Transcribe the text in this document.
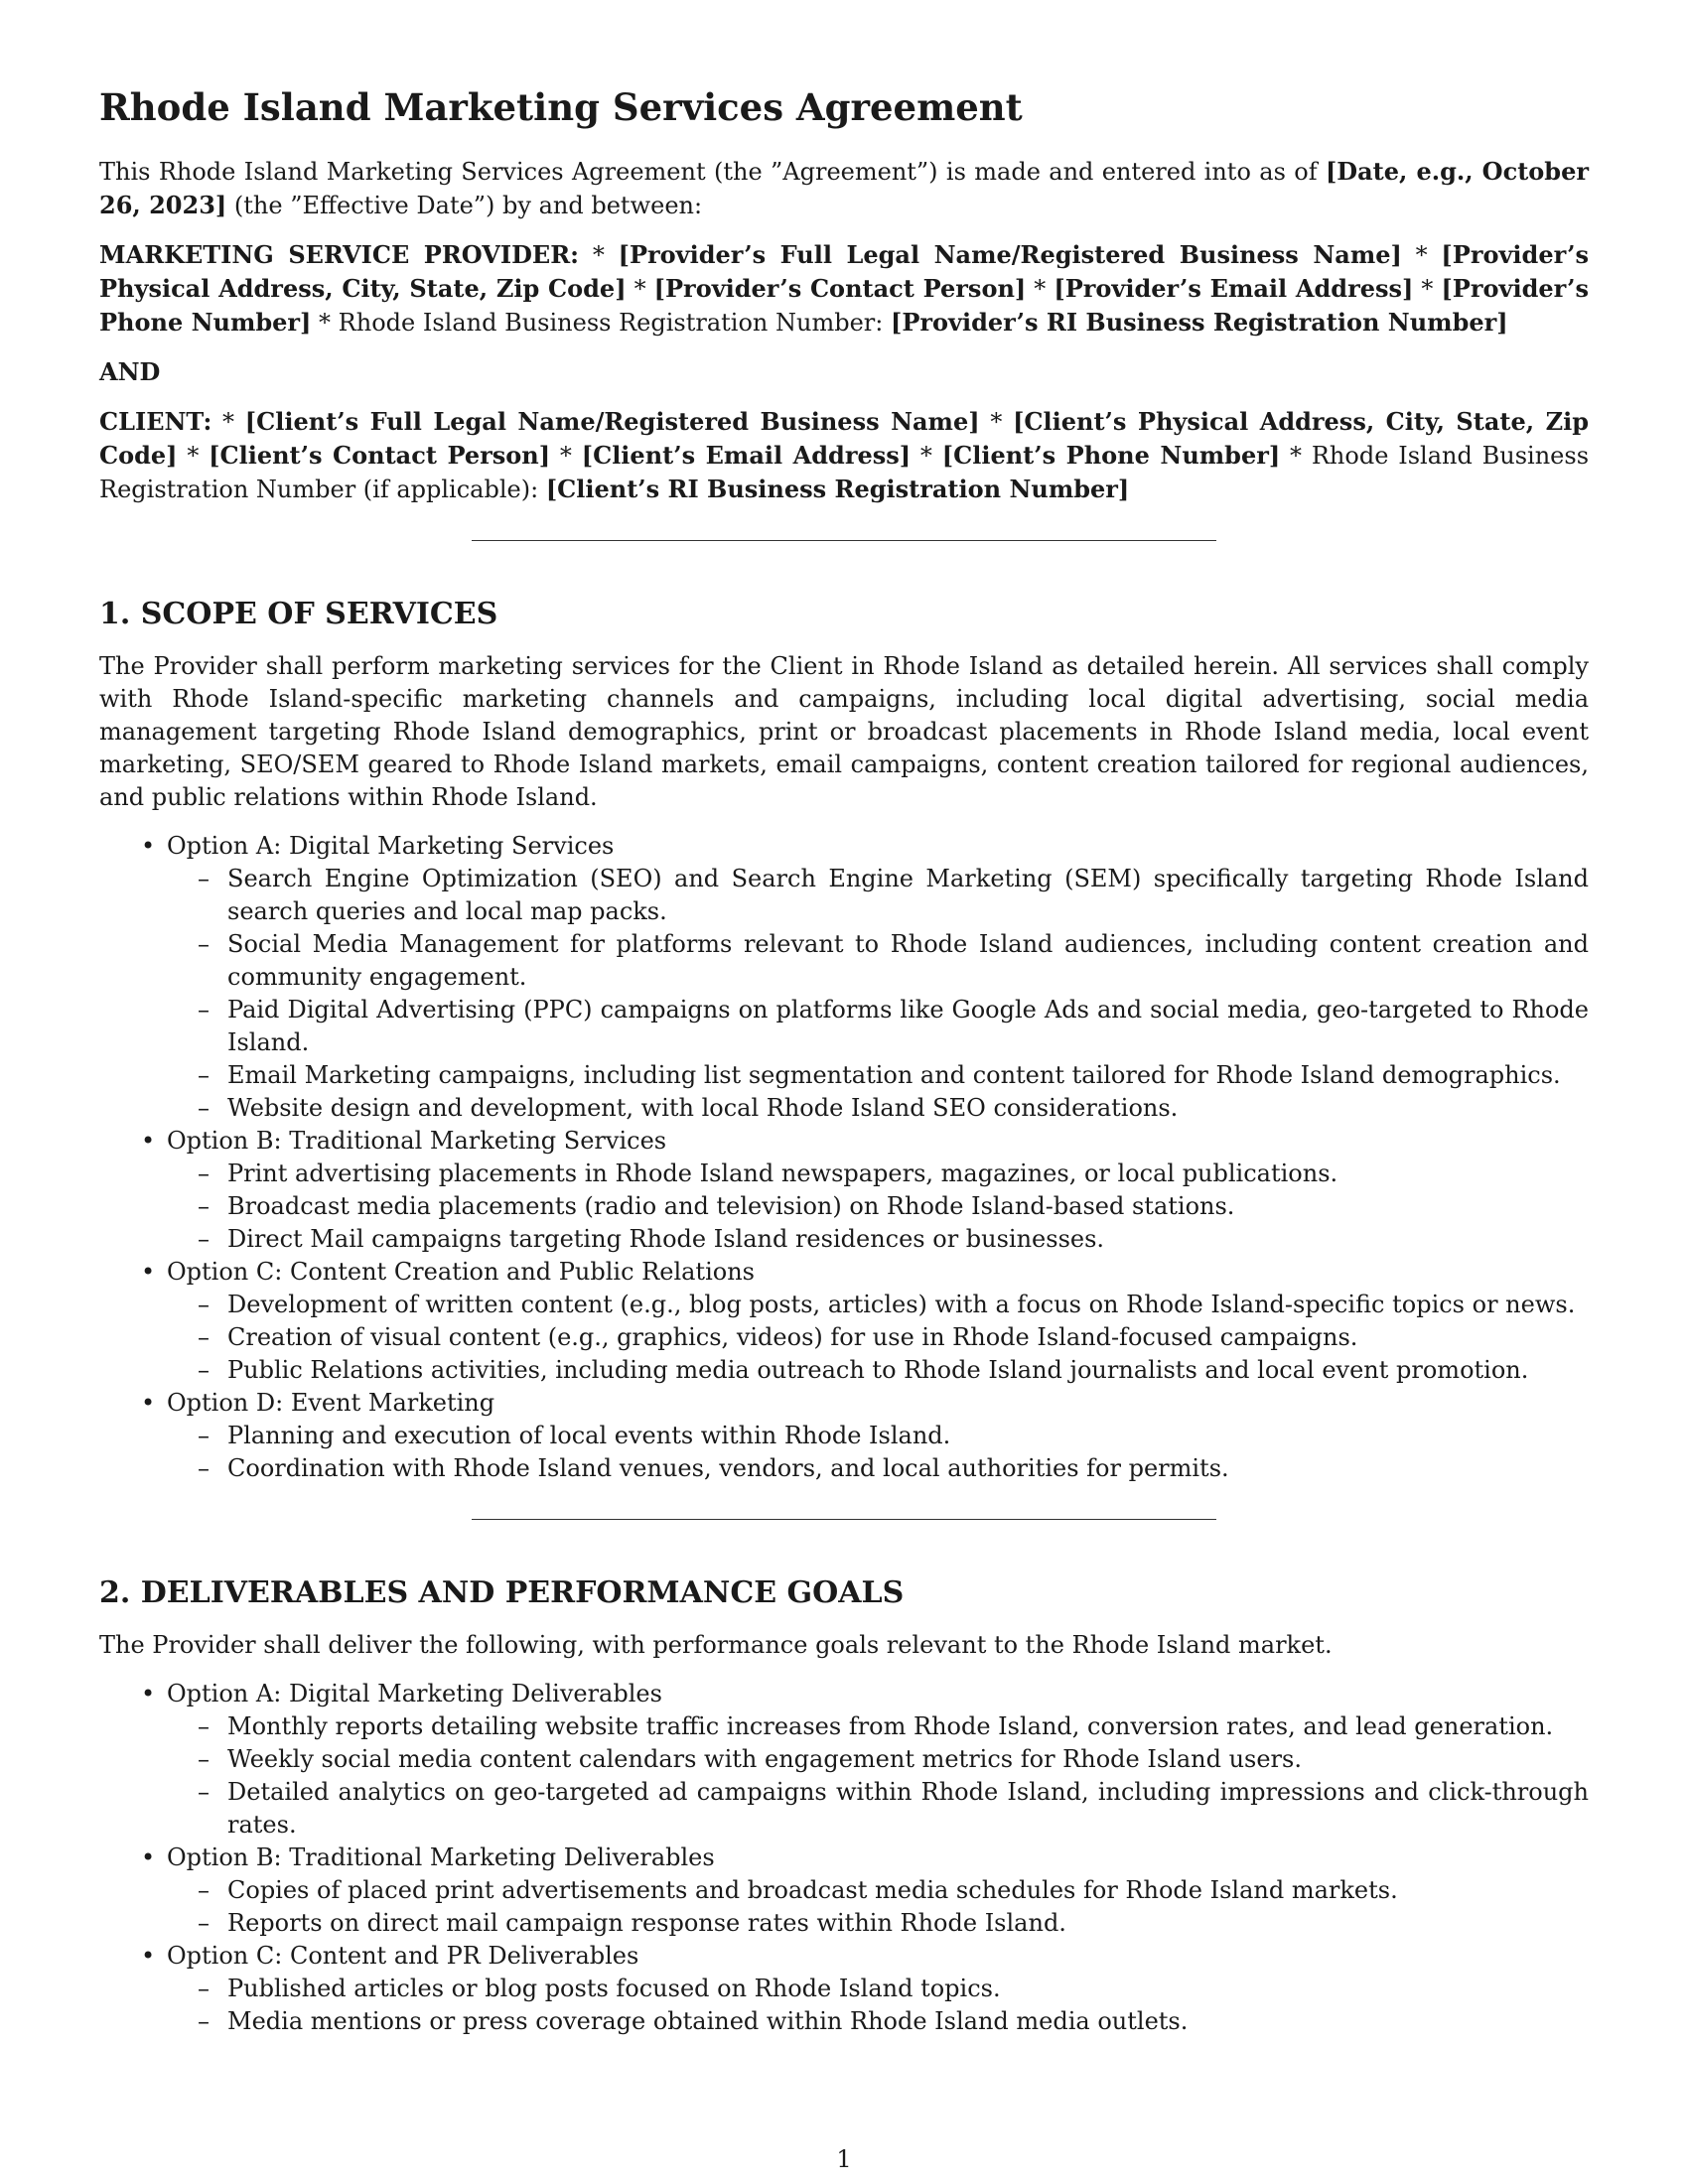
Rhode Island Marketing Services Agreement

This Rhode Island Marketing Services Agreement (the ”Agreement”) is made and entered into as of [Date, e.g., October 26, 2023] (the ”Effective Date”) by and between:

MARKETING SERVICE PROVIDER: * [Provider’s Full Legal Name/Registered Business Name] * [Provider’s Physical Address, City, State, Zip Code] * [Provider’s Contact Person] * [Provider’s Email Address] * [Provider’s Phone Number] * Rhode Island Business Registration Number: [Provider’s RI Business Registration Number]

AND

CLIENT: * [Client’s Full Legal Name/Registered Business Name] * [Client’s Physical Address, City, State, Zip Code] * [Client’s Contact Person] * [Client’s Email Address] * [Client’s Phone Number] * Rhode Island Business Registration Number (if applicable): [Client’s RI Business Registration Number]

1. SCOPE OF SERVICES

The Provider shall perform marketing services for the Client in Rhode Island as detailed herein. All services shall comply with Rhode Island-specific marketing channels and campaigns, including local digital advertising, social media management targeting Rhode Island demographics, print or broadcast placements in Rhode Island media, local event marketing, SEO/SEM geared to Rhode Island markets, email campaigns, content creation tailored for regional audiences, and public relations within Rhode Island.

• Option A: Digital Marketing Services
– Search Engine Optimization (SEO) and Search Engine Marketing (SEM) specifically targeting Rhode Island search queries and local map packs.
– Social Media Management for platforms relevant to Rhode Island audiences, including content creation and community engagement.
– Paid Digital Advertising (PPC) campaigns on platforms like Google Ads and social media, geo-targeted to Rhode Island.
– Email Marketing campaigns, including list segmentation and content tailored for Rhode Island demographics.
– Website design and development, with local Rhode Island SEO considerations.
• Option B: Traditional Marketing Services
– Print advertising placements in Rhode Island newspapers, magazines, or local publications.
– Broadcast media placements (radio and television) on Rhode Island-based stations.
– Direct Mail campaigns targeting Rhode Island residences or businesses.
• Option C: Content Creation and Public Relations
– Development of written content (e.g., blog posts, articles) with a focus on Rhode Island-specific topics or news.
– Creation of visual content (e.g., graphics, videos) for use in Rhode Island-focused campaigns.
– Public Relations activities, including media outreach to Rhode Island journalists and local event promotion.
• Option D: Event Marketing
– Planning and execution of local events within Rhode Island.
– Coordination with Rhode Island venues, vendors, and local authorities for permits.
2. DELIVERABLES AND PERFORMANCE GOALS

The Provider shall deliver the following, with performance goals relevant to the Rhode Island market.

• Option A: Digital Marketing Deliverables
– Monthly reports detailing website traffic increases from Rhode Island, conversion rates, and lead generation.
– Weekly social media content calendars with engagement metrics for Rhode Island users.
– Detailed analytics on geo-targeted ad campaigns within Rhode Island, including impressions and click-through rates.
• Option B: Traditional Marketing Deliverables
– Copies of placed print advertisements and broadcast media schedules for Rhode Island markets.
– Reports on direct mail campaign response rates within Rhode Island.
• Option C: Content and PR Deliverables
– Published articles or blog posts focused on Rhode Island topics.
– Media mentions or press coverage obtained within Rhode Island media outlets.
1
